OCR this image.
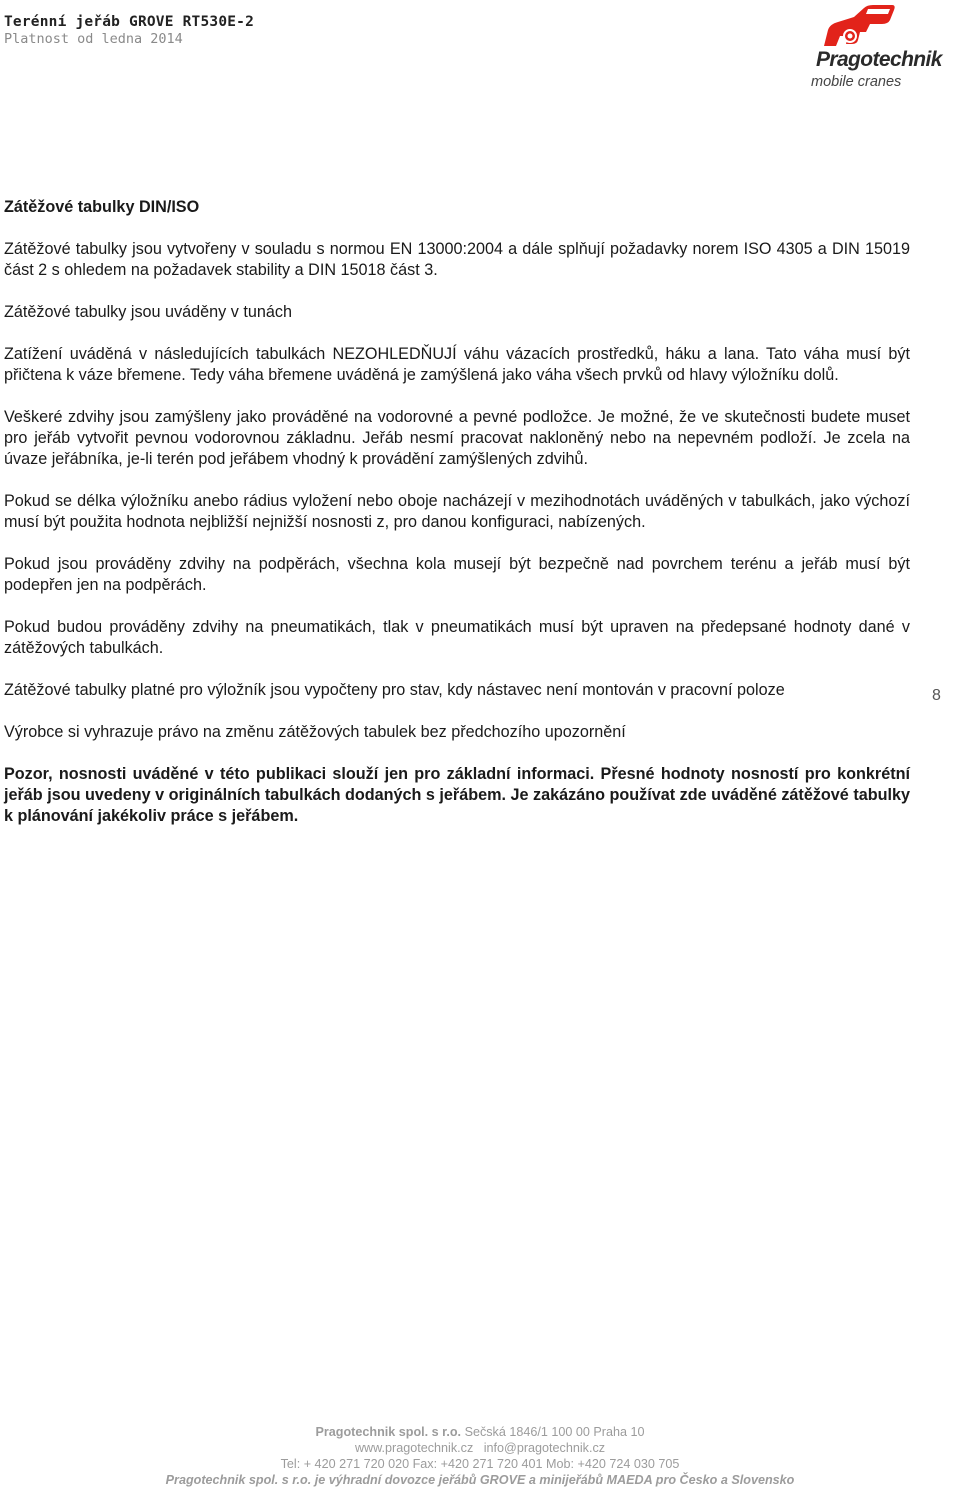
Terénní jeřáb GROVE RT530E-2
Platnost od ledna 2014
Pragotechnik
mobile cranes
Zátěžové tabulky DIN/ISO

Zátěžové tabulky jsou vytvořeny v souladu s normou EN 13000:2004 a dále splňují požadavky norem ISO 4305 a DIN 15019 část 2 s ohledem na požadavek stability a DIN 15018 část 3.

Zátěžové tabulky jsou uváděny v tunách

Zatížení uváděná v následujících tabulkách NEZOHLEDŇUJÍ váhu vázacích prostředků, háku a lana. Tato váha musí být přičtena k váze břemene. Tedy váha břemene uváděná je zamýšlená jako váha všech prvků od hlavy výložníku dolů.

Veškeré zdvihy jsou zamýšleny jako prováděné na vodorovné a pevné podložce. Je možné, že ve skutečnosti budete muset pro jeřáb vytvořit pevnou vodorovnou základnu. Jeřáb nesmí pracovat nakloněný nebo na nepevném podloží. Je zcela na úvaze jeřábníka, je-li terén pod jeřábem vhodný k provádění zamýšlených zdvihů.

Pokud se délka výložníku anebo rádius vyložení nebo oboje nacházejí v mezihodnotách uváděných v tabulkách, jako výchozí musí být použita hodnota nejbližší nejnižší nosnosti z, pro danou konfiguraci, nabízených.

Pokud jsou prováděny zdvihy na podpěrách, všechna kola musejí být bezpečně nad povrchem terénu a jeřáb musí být podepřen jen na podpěrách.

Pokud budou prováděny zdvihy na pneumatikách, tlak v pneumatikách musí být upraven na předepsané hodnoty dané v zátěžových tabulkách.

Zátěžové tabulky platné pro výložník jsou vypočteny pro stav, kdy nástavec není montován v pracovní poloze

Výrobce si vyhrazuje právo na změnu zátěžových tabulek bez předchozího upozornění

Pozor, nosnosti uváděné v této publikaci slouží jen pro základní informaci. Přesné hodnoty nosností pro konkrétní jeřáb jsou uvedeny v originálních tabulkách dodaných s jeřábem. Je zakázáno používat zde uváděné zátěžové tabulky k plánování jakékoliv práce s jeřábem.

8
Pragotechnik spol. s r.o. Sečská 1846/1 100 00 Praha 10
www.pragotechnik.cz info@pragotechnik.cz
Tel: + 420 271 720 020 Fax: +420 271 720 401 Mob: +420 724 030 705
Pragotechnik spol. s r.o. je výhradní dovozce jeřábů GROVE a minijeřábů MAEDA pro Česko a Slovensko
